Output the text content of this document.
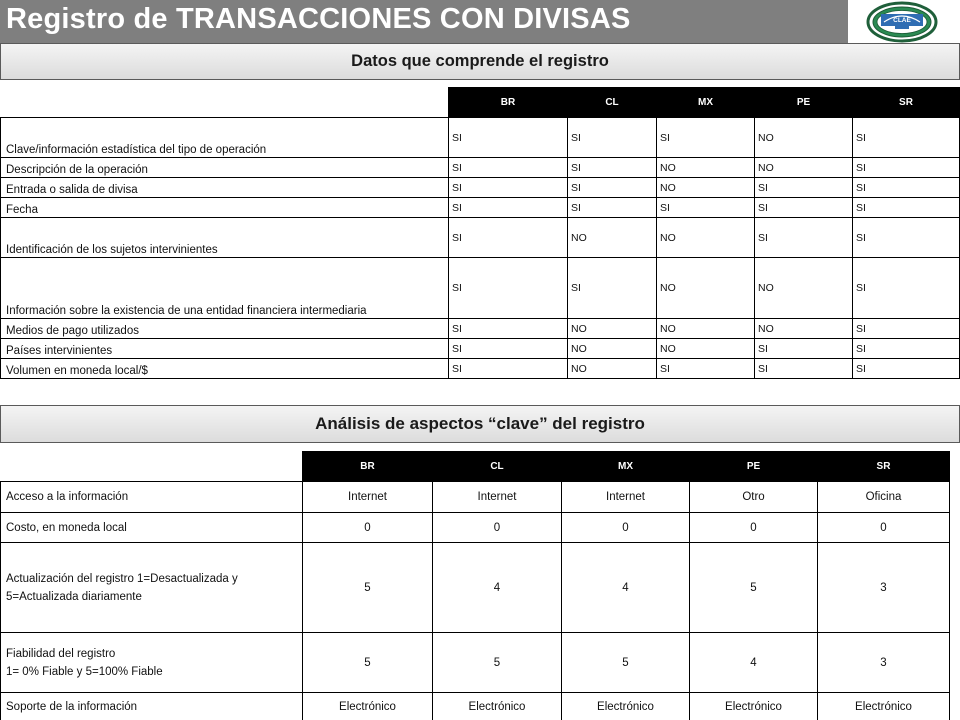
Registro de TRANSACCIONES CON DIVISAS	CLAE
Datos que comprende el registro
	BR	CL	MX	PE	SR
Clave/información estadística del tipo de operación	SI	SI	SI	NO	SI
Descripción de la operación	SI	SI	NO	NO	SI
Entrada o salida de divisa	SI	SI	NO	SI	SI
Fecha	SI	SI	SI	SI	SI
Identificación de los sujetos intervinientes	SI	NO	NO	SI	SI
Información sobre la existencia de una entidad financiera intermediaria	SI	SI	NO	NO	SI
Medios de pago utilizados	SI	NO	NO	NO	SI
Países intervinientes	SI	NO	NO	SI	SI
Volumen en moneda local/$	SI	NO	SI	SI	SI
Análisis de aspectos “clave” del registro
	BR	CL	MX	PE	SR
Acceso a la información	Internet	Internet	Internet	Otro	Oficina
Costo, en moneda local	0	0	0	0	0
Actualización del registro 1=Desactualizada y 5=Actualizada diariamente	5	4	4	5	3
Fiabilidad del registro
1= 0% Fiable y 5=100% Fiable	5	5	5	4	3
Soporte de la información	Electrónico	Electrónico	Electrónico	Electrónico	Electrónico
